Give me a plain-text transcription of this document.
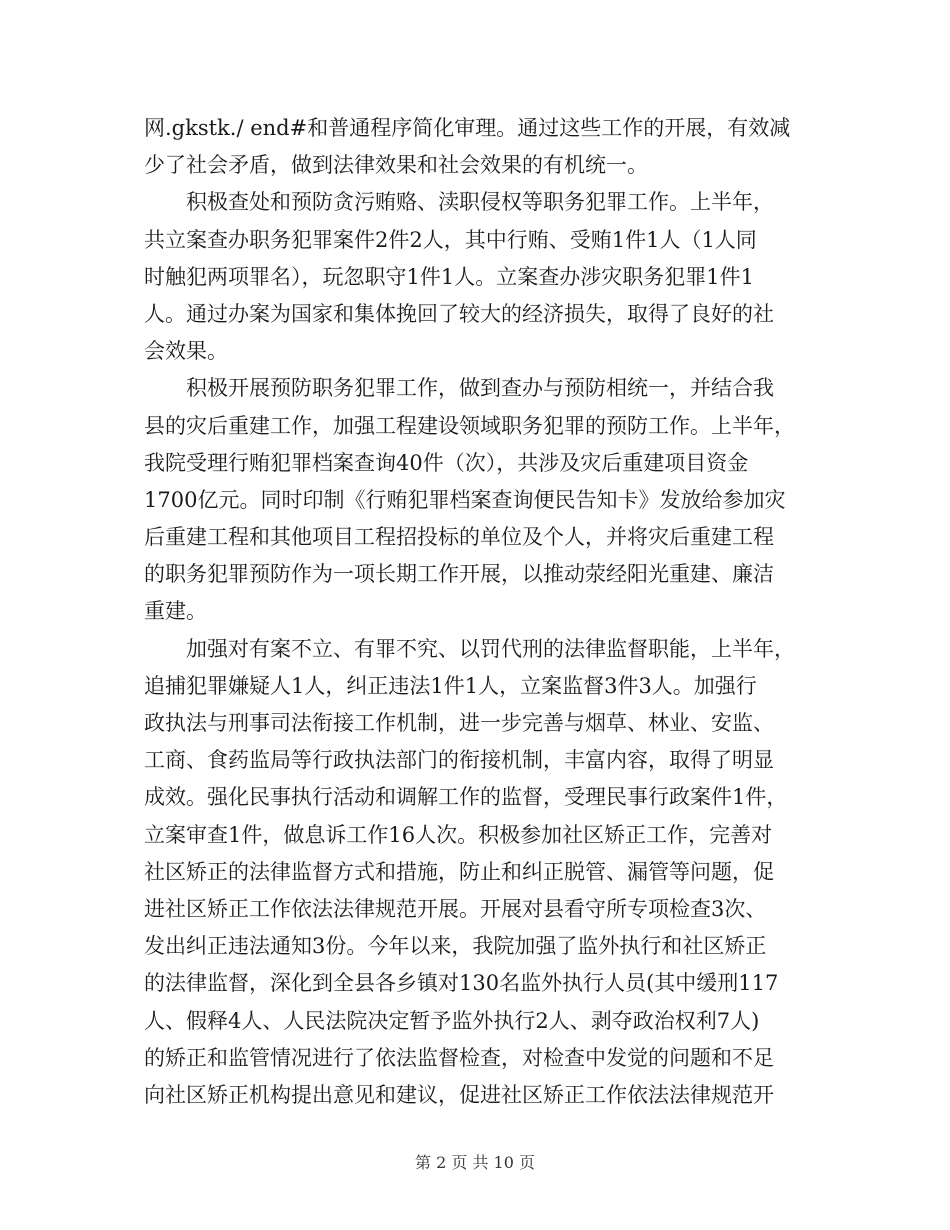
网.gkstk./ end#和普通程序简化审理。通过这些工作的开展，有效减
少了社会矛盾，做到法律效果和社会效果的有机统一。
积极查处和预防贪污贿赂、渎职侵权等职务犯罪工作。上半年，
共立案查办职务犯罪案件2件2人，其中行贿、受贿1件1人（1人同
时触犯两项罪名），玩忽职守1件1人。立案查办涉灾职务犯罪1件1
人。通过办案为国家和集体挽回了较大的经济损失，取得了良好的社
会效果。
积极开展预防职务犯罪工作，做到查办与预防相统一，并结合我
县的灾后重建工作，加强工程建设领域职务犯罪的预防工作。上半年，
我院受理行贿犯罪档案查询40件（次），共涉及灾后重建项目资金
1700亿元。同时印制《行贿犯罪档案查询便民告知卡》发放给参加灾
后重建工程和其他项目工程招投标的单位及个人，并将灾后重建工程
的职务犯罪预防作为一项长期工作开展，以推动荥经阳光重建、廉洁
重建。
加强对有案不立、有罪不究、以罚代刑的法律监督职能，上半年，
追捕犯罪嫌疑人1人，纠正违法1件1人，立案监督3件3人。加强行
政执法与刑事司法衔接工作机制，进一步完善与烟草、林业、安监、
工商、食药监局等行政执法部门的衔接机制，丰富内容，取得了明显
成效。强化民事执行活动和调解工作的监督，受理民事行政案件1件，
立案审查1件，做息诉工作16人次。积极参加社区矫正工作，完善对
社区矫正的法律监督方式和措施，防止和纠正脱管、漏管等问题，促
进社区矫正工作依法法律规范开展。开展对县看守所专项检查3次、
发出纠正违法通知3份。今年以来，我院加强了监外执行和社区矫正
的法律监督，深化到全县各乡镇对130名监外执行人员(其中缓刑117
人、假释4人、人民法院决定暂予监外执行2人、剥夺政治权利7人)
的矫正和监管情况进行了依法监督检查，对检查中发觉的问题和不足
向社区矫正机构提出意见和建议，促进社区矫正工作依法法律规范开
第 2 页 共 10 页
